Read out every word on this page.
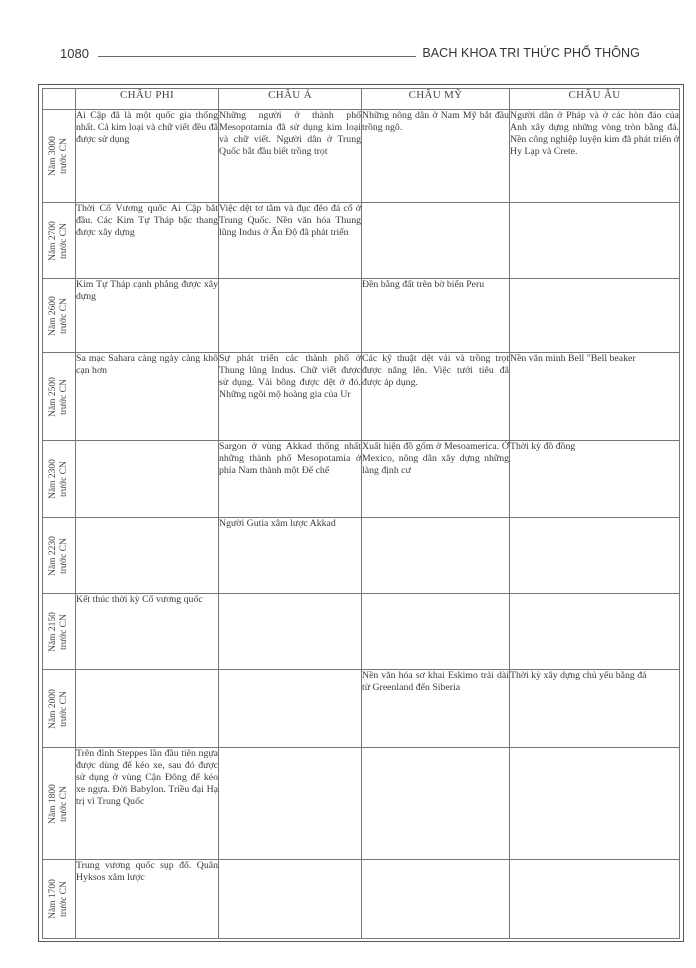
1080	BACH KHOA TRI THỨC PHỔ THÔNG
	CHÂU PHI	CHÂU Á	CHÂU MỸ	CHÂU ÂU

Năm 3000 trước CN	Ai Cập đã là một quốc gia thống nhất. Cả kim loại và chữ viết đều đã được sử dụng	Những người ở thành phố Mesopotamia đã sử dụng kim loại và chữ viết. Người dân ở Trung Quốc bắt đầu biết trồng trọt	Những nông dân ở Nam Mỹ bắt đầu trồng ngô.	Người dân ở Pháp và ở các hòn đảo của Anh xây dựng những vòng tròn bằng đá. Nền công nghiệp luyện kim đã phát triển ở Hy Lạp và Crete.

Năm 2700 trước CN	Thời Cổ Vương quốc Ai Cập bắt đầu. Các Kim Tự Tháp bậc thang được xây dựng	Việc dệt tơ tằm và đục đẽo đá cổ ở Trung Quốc. Nền văn hóa Thung lũng Indus ở Ấn Độ đã phát triển		

Năm 2600 trước CN	Kim Tự Tháp cạnh phẳng được xây dựng		Đền bằng đất trên bờ biển Peru	

Năm 2500 trước CN	Sa mạc Sahara càng ngày càng khô cạn hơn	Sự phát triển các thành phố ở Thung lũng Indus. Chữ viết được sử dụng. Vải bông được dệt ở đó. Những ngôi mộ hoàng gia của Ur	Các kỹ thuật dệt vải và trồng trọt được nâng lên. Việc tưới tiêu đã được áp dụng.	Nền văn minh Bell "Bell beaker

Năm 2300 trước CN		Sargon ở vùng Akkad thống nhất những thành phố Mesopotamia ở phía Nam thành một Đế chế	Xuất hiện đồ gốm ở Mesoamerica. Ở Mexico, nông dân xây dựng những làng định cư	Thời kỳ đồ đồng

Năm 2230 trước CN		Người Gutia xâm lược Akkad		

Năm 2150 trước CN	Kết thúc thời kỳ Cổ vương quốc			

Năm 2000 trước CN			Nền văn hóa sơ khai Eskimo trải dài từ Greenland đến Siberia	Thời kỳ xây dựng chủ yếu bằng đá

Năm 1800 trước CN	Trên đỉnh Steppes lần đầu tiên ngựa được dùng để kéo xe, sau đó được sử dụng ở vùng Cận Đông để kéo xe ngựa. Đời Babylon. Triều đại Hạ trị vì Trung Quốc			

Năm 1700 trước CN	Trung vương quốc sụp đổ. Quân Hyksos xâm lược			
